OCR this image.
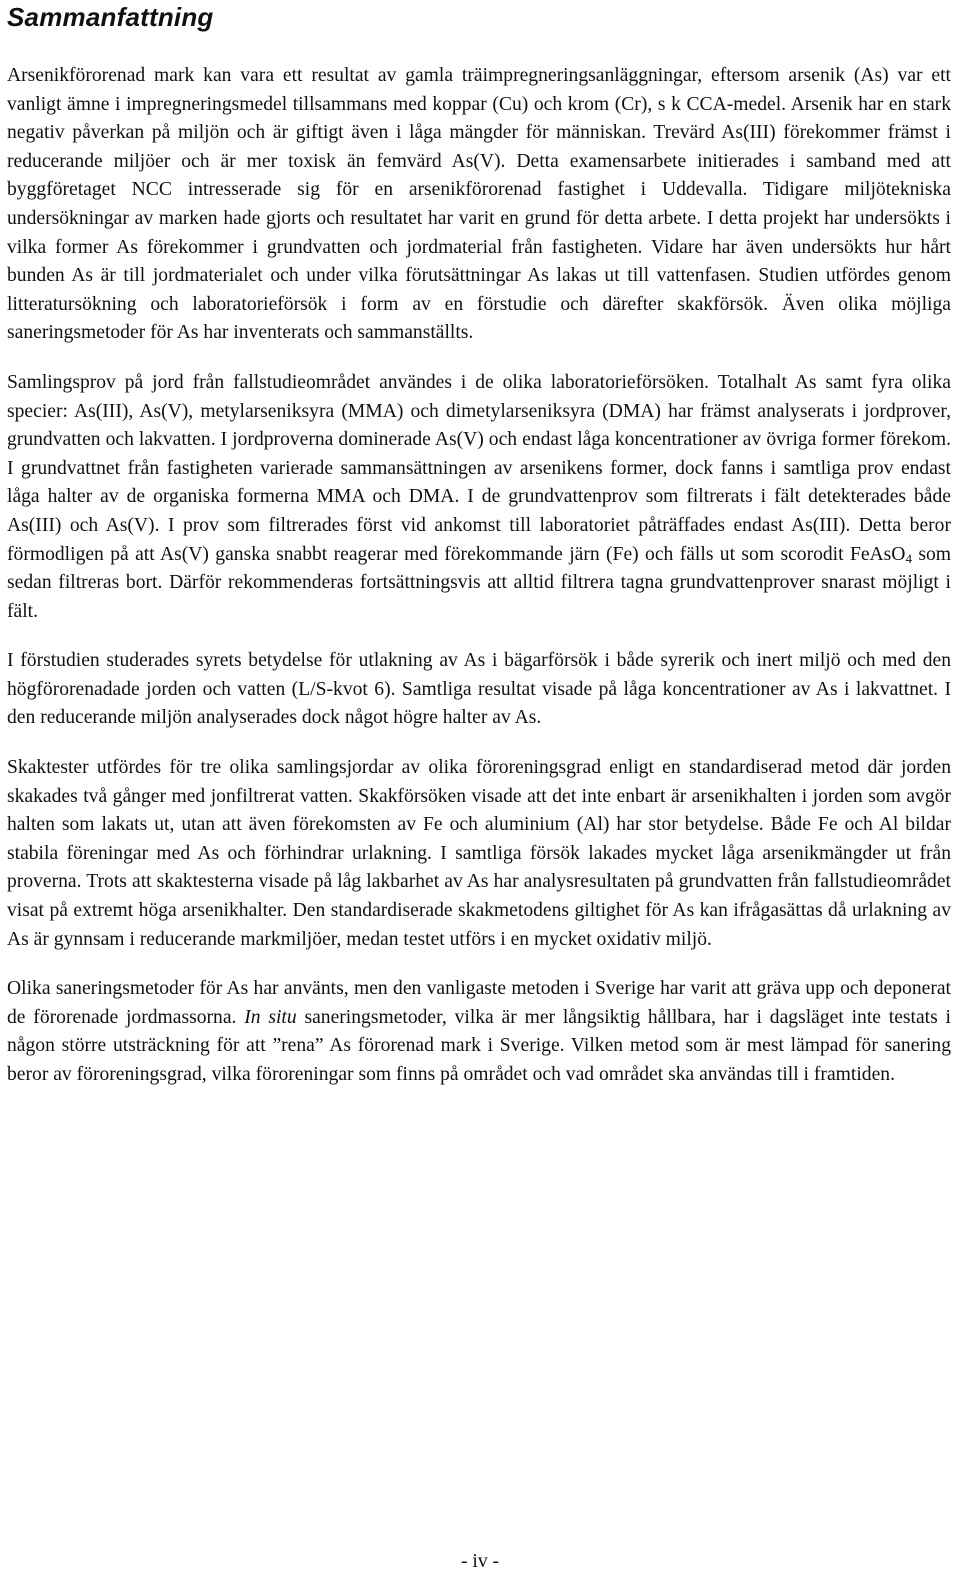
Sammanfattning

Arsenikförorenad mark kan vara ett resultat av gamla träimpregneringsanläggningar, eftersom arsenik (As) var ett vanligt ämne i impregneringsmedel tillsammans med koppar (Cu) och krom (Cr), s k CCA-medel. Arsenik har en stark negativ påverkan på miljön och är giftigt även i låga mängder för människan. Trevärd As(III) förekommer främst i reducerande miljöer och är mer toxisk än femvärd As(V). Detta examensarbete initierades i samband med att byggföretaget NCC intresserade sig för en arsenikförorenad fastighet i Uddevalla. Tidigare miljötekniska undersökningar av marken hade gjorts och resultatet har varit en grund för detta arbete. I detta projekt har undersökts i vilka former As förekommer i grundvatten och jordmaterial från fastigheten. Vidare har även undersökts hur hårt bunden As är till jordmaterialet och under vilka förutsättningar As lakas ut till vattenfasen. Studien utfördes genom litteratursökning och laboratorieförsök i form av en förstudie och därefter skakförsök. Även olika möjliga saneringsmetoder för As har inventerats och sammanställts.

Samlingsprov på jord från fallstudieområdet användes i de olika laboratorieförsöken. Totalhalt As samt fyra olika specier: As(III), As(V), metylarseniksyra (MMA) och dimetylarseniksyra (DMA) har främst analyserats i jordprover, grundvatten och lakvatten. I jordproverna dominerade As(V) och endast låga koncentrationer av övriga former förekom. I grundvattnet från fastigheten varierade sammansättningen av arsenikens former, dock fanns i samtliga prov endast låga halter av de organiska formerna MMA och DMA. I de grundvattenprov som filtrerats i fält detekterades både As(III) och As(V). I prov som filtrerades först vid ankomst till laboratoriet påträffades endast As(III). Detta beror förmodligen på att As(V) ganska snabbt reagerar med förekommande järn (Fe) och fälls ut som scorodit FeAsO$_4$ som sedan filtreras bort. Därför rekommenderas fortsättningsvis att alltid filtrera tagna grundvattenprover snarast möjligt i fält.

I förstudien studerades syrets betydelse för utlakning av As i bägarförsök i både syrerik och inert miljö och med den högförorenadade jorden och vatten (L/S-kvot 6). Samtliga resultat visade på låga koncentrationer av As i lakvattnet. I den reducerande miljön analyserades dock något högre halter av As.

Skaktester utfördes för tre olika samlingsjordar av olika föroreningsgrad enligt en standardiserad metod där jorden skakades två gånger med jonfiltrerat vatten. Skakförsöken visade att det inte enbart är arsenikhalten i jorden som avgör halten som lakats ut, utan att även förekomsten av Fe och aluminium (Al) har stor betydelse. Både Fe och Al bildar stabila föreningar med As och förhindrar urlakning. I samtliga försök lakades mycket låga arsenikmängder ut från proverna. Trots att skaktesterna visade på låg lakbarhet av As har analysresultaten på grundvatten från fallstudieområdet visat på extremt höga arsenikhalter. Den standardiserade skakmetodens giltighet för As kan ifrågasättas då urlakning av As är gynnsam i reducerande markmiljöer, medan testet utförs i en mycket oxidativ miljö.

Olika saneringsmetoder för As har använts, men den vanligaste metoden i Sverige har varit att gräva upp och deponerat de förorenade jordmassorna. In situ saneringsmetoder, vilka är mer långsiktig hållbara, har i dagsläget inte testats i någon större utsträckning för att ”rena” As förorenad mark i Sverige. Vilken metod som är mest lämpad för sanering beror av föroreningsgrad, vilka föroreningar som finns på området och vad området ska användas till i framtiden.

- iv -
